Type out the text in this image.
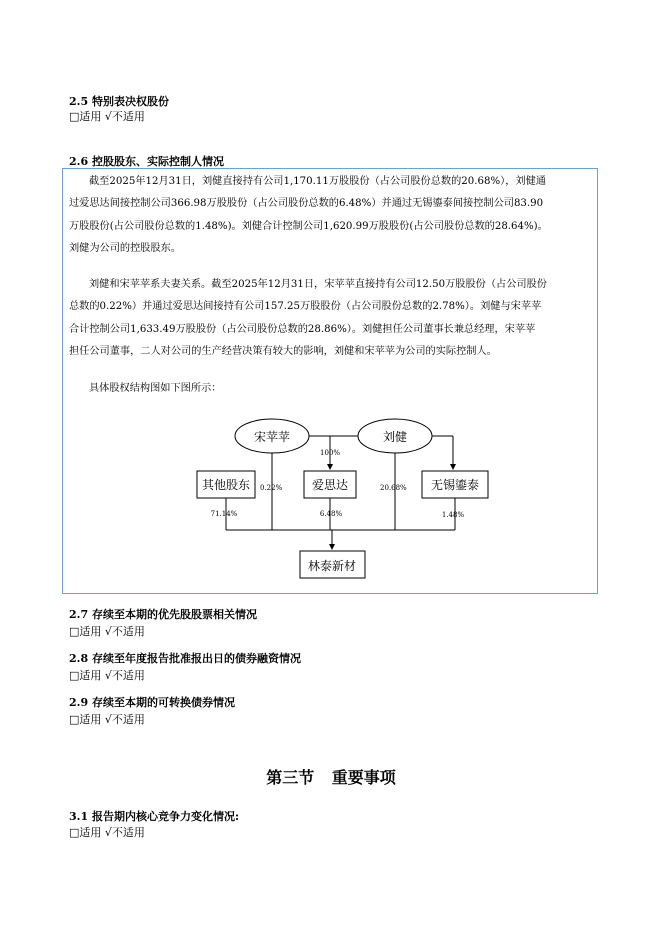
2.5 特别表决权股份
□适用 √不适用
2.6 控股股东、实际控制人情况

截至2025年12月31日，刘健直接持有公司1,170.11万股股份（占公司股份总数的20.68%），刘健通

过爱思达间接控制公司366.98万股股份（占公司股份总数的6.48%）并通过无锡鎏泰间接控制公司83.90

万股股份(占公司股份总数的1.48%)。刘健合计控制公司1,620.99万股股份(占公司股份总数的28.64%)。

刘健为公司的控股股东。

刘健和宋苹苹系夫妻关系。截至2025年12月31日，宋苹苹直接持有公司12.50万股股份（占公司股份

总数的0.22%）并通过爱思达间接持有公司157.25万股股份（占公司股份总数的2.78%）。刘健与宋苹苹

合计控制公司1,633.49万股股份（占公司股份总数的28.86%）。刘健担任公司董事长兼总经理，宋苹苹

担任公司董事，二人对公司的生产经营决策有较大的影响，刘健和宋苹苹为公司的实际控制人。

具体股权结构图如下图所示：

宋苹苹	刘健
其他股东	爱思达	无锡鎏泰
林泰新材
100%
0.22%	20.68%
71.14%	6.48%	1.48%
2.7 存续至本期的优先股股票相关情况
□适用 √不适用
2.8 存续至年度报告批准报出日的债券融资情况
□适用 √不适用
2.9 存续至本期的可转换债券情况
□适用 √不适用
第三节 重要事项
3.1 报告期内核心竞争力变化情况:
□适用 √不适用
